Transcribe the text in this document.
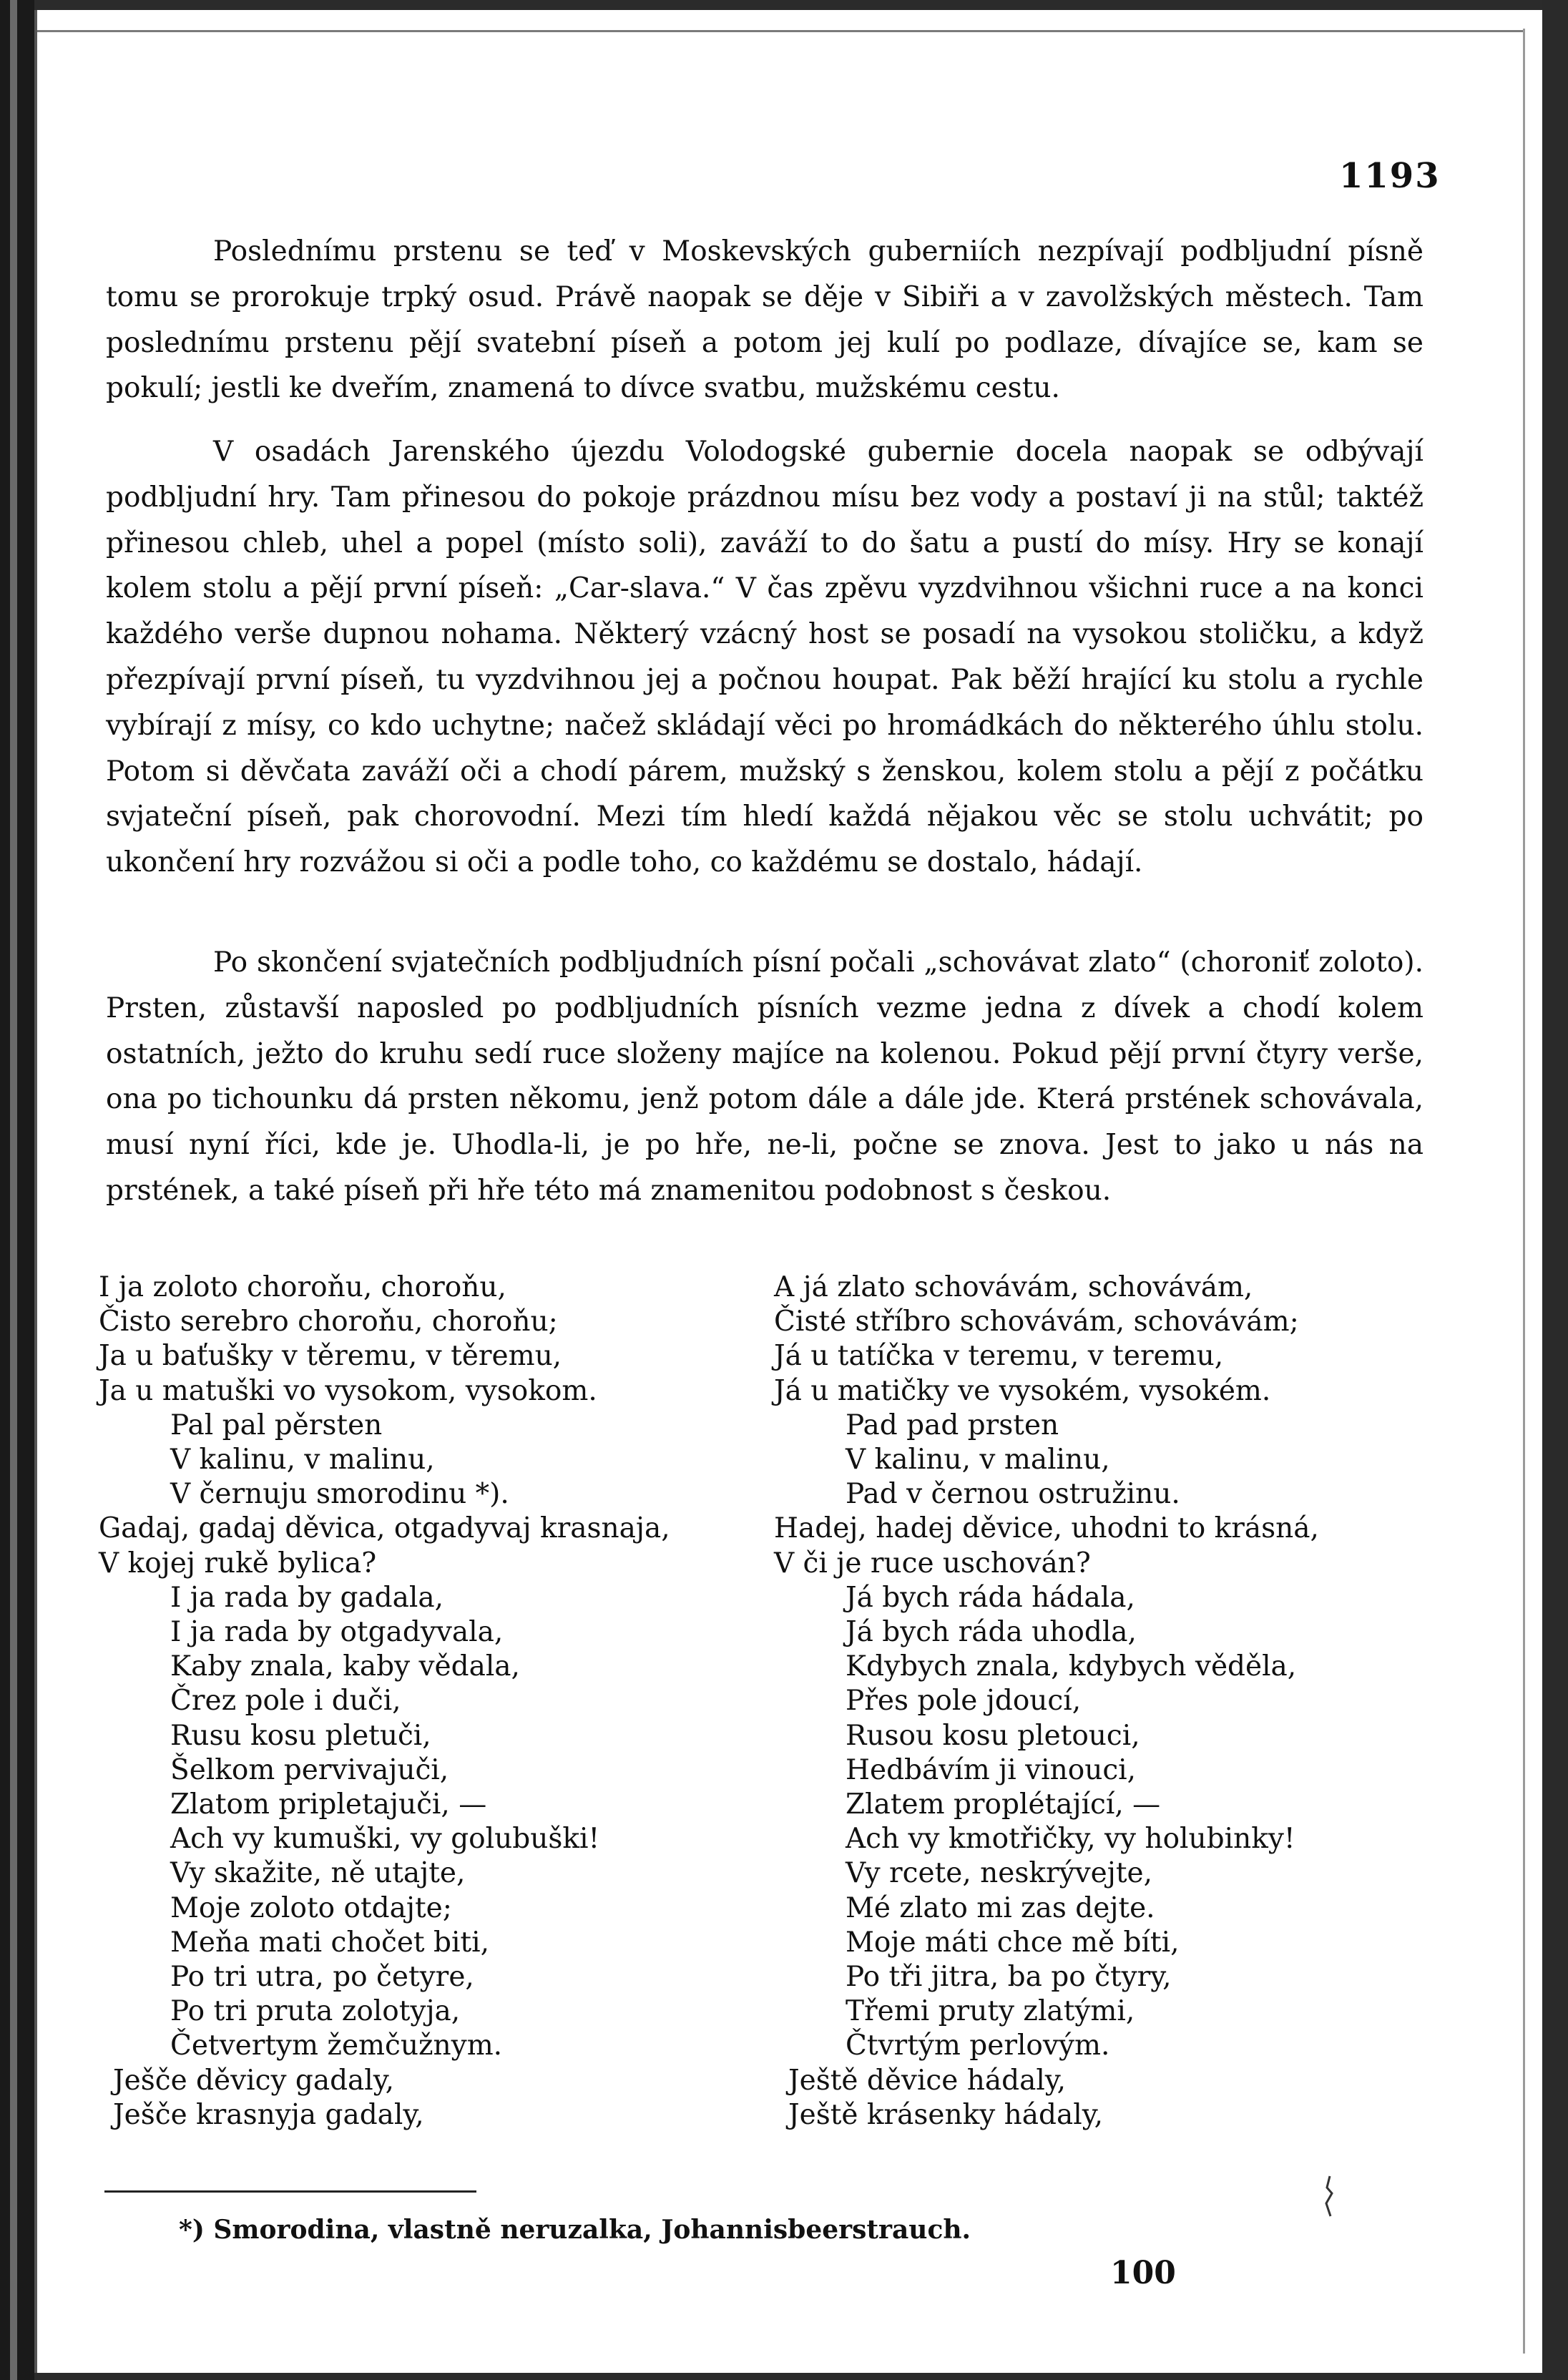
1193

Poslednímu prstenu se teď v Moskevských guberniích nezpívají podbljudní písně tomu se prorokuje trpký osud. Právě naopak se děje v Sibiři a v zavolžských městech. Tam poslednímu prstenu pějí svatební píseň a potom jej kulí po podlaze, dívajíce se, kam se pokulí; jestli ke dveřím, znamená to dívce svatbu, mužskému cestu.

V osadách Jarenského újezdu Volodogské gubernie docela naopak se odbývají podbljudní hry. Tam přinesou do pokoje prázdnou mísu bez vody a postaví ji na stůl; taktéž přinesou chleb, uhel a popel (místo soli), zaváží to do šatu a pustí do mísy. Hry se konají kolem stolu a pějí první píseň: „Car-slava.“ V čas zpěvu vyzdvihnou všichni ruce a na konci každého verše dupnou nohama. Některý vzácný host se posadí na vysokou stoličku, a když přezpívají první píseň, tu vyzdvihnou jej a počnou houpat. Pak běží hrající ku stolu a rychle vybírají z mísy, co kdo uchytne; načež skládají věci po hromádkách do některého úhlu stolu. Potom si děvčata zaváží oči a chodí párem, mužský s ženskou, kolem stolu a pějí z počátku svjateční píseň, pak chorovodní. Mezi tím hledí každá nějakou věc se stolu uchvátit; po ukončení hry rozvážou si oči a podle toho, co každému se dostalo, hádají.

Po skončení svjatečních podbljudních písní počali „schovávat zlato“ (choroniť zoloto). Prsten, zůstavší naposled po podbljudních písních vezme jedna z dívek a chodí kolem ostatních, ježto do kruhu sedí ruce složeny majíce na kolenou. Pokud pějí první čtyry verše, ona po tichounku dá prsten někomu, jenž potom dále a dále jde. Která prstének schovávala, musí nyní říci, kde je. Uhodla-li, je po hře, ne-li, počne se znova. Jest to jako u nás na prstének, a také píseň při hře této má znamenitou podobnost s českou.

I ja zoloto choroňu, choroňu,
Čisto serebro choroňu, choroňu;
Ja u baťušky v těremu, v těremu,
Ja u matuški vo vysokom, vysokom.
Pal pal pěrsten
V kalinu, v malinu,
V černuju smorodinu *).
Gadaj, gadaj děvica, otgadyvaj krasnaja,
V kojej rukě bylica?
I ja rada by gadala,
I ja rada by otgadyvala,
Kaby znala, kaby vědala,
Črez pole i duči,
Rusu kosu pletuči,
Šelkom pervivajuči,
Zlatom pripletajuči, —
Ach vy kumuški, vy golubuški!
Vy skažite, ně utajte,
Moje zoloto otdajte;
Meňa mati chočet biti,
Po tri utra, po četyre,
Po tri pruta zolotyja,
Četvertym žemčužnym.
Ješče děvicy gadaly,
Ješče krasnyja gadaly,
A já zlato schovávám, schovávám,
Čisté stříbro schovávám, schovávám;
Já u tatíčka v teremu, v teremu,
Já u matičky ve vysokém, vysokém.
Pad pad prsten
V kalinu, v malinu,
Pad v černou ostružinu.
Hadej, hadej děvice, uhodni to krásná,
V či je ruce uschován?
Já bych ráda hádala,
Já bych ráda uhodla,
Kdybych znala, kdybych věděla,
Přes pole jdoucí,
Rusou kosu pletouci,
Hedbávím ji vinouci,
Zlatem proplétající, —
Ach vy kmotřičky, vy holubinky!
Vy rcete, neskrývejte,
Mé zlato mi zas dejte.
Moje máti chce mě bíti,
Po tři jitra, ba po čtyry,
Třemi pruty zlatými,
Čtvrtým perlovým.
Ještě děvice hádaly,
Ještě krásenky hádaly,

*) Smorodina, vlastně neruzalka, Johannisbeerstrauch.

100
